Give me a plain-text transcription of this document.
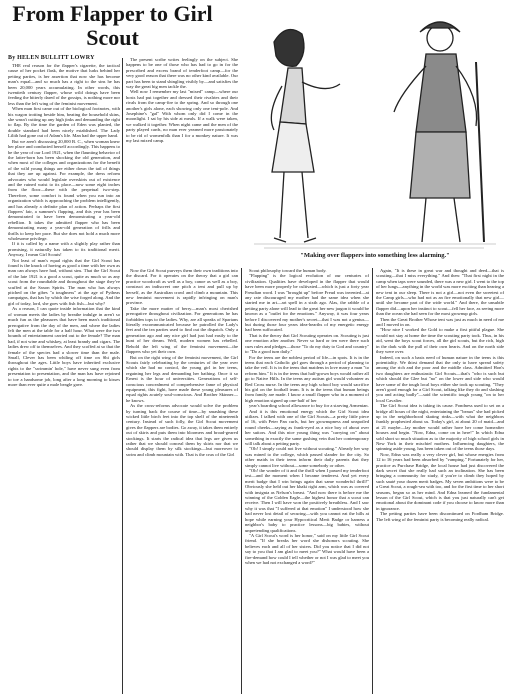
From Flapper to Girl Scout
By HELEN BULLITT LOWRY

THE real reason for the flapper's cigarette, the tactical cause of her pocket flask, the motive that lurks behind her petting parties, is her assertion that now she has become man's equal—and so much has a right to the sins he has been 20,000 years accumulating. In other words, this twentieth century flapper, whose wild doings have been feeding the bitterly dared of the gossips, is nothing more nor less than the left wing of the feminist movement.

When man first came out of the biological footnotes, with his wagon trotting beside him, beating the household skins, she wasn't cutting up any high jinks and demanding the right to flap. By the time the garden of Eden was planted, the double standard had been nicely established. The Lady Lilith had gone out of Adam's life. Man had the upper hand.

But we aren't discussing 20,000 B. C., when woman knew her place and conducted herself accordingly. This happens to be the year of our Lord 1921, when the flaunting behavior of the latter-born has been shocking the old generation, and when most of the colleges and organizations for the benefit of the wild young things are either down the tail of things that they are up against. For example, the dress reform advocates who would legislate overskirts out of existence and the ruined waist to its place—now some eight inches from the floor—these with the perpetual two-step. Therefore, some comfort is found when you run into an organization which is approaching the problem intelligently, and has already a definite plan of action. Perhaps the first flappers' fair, a summer's flapping, and this year has been demonstrated to have been demonstrating a year-old rebellion. It takes the admitted flapper who has been demonstrating many a year-old generation of frills and thrills to keep her pace. But she does not hold a much more wholesome privilege.

If it is called by a name with a slightly play rather than promising, it naturally has taken to its traditional merit. Anyway, I mean Girl Scouts!

Not least of man's equal rights that the Girl Scout has found is the knack of having as good a time with her own as man can always have had, without sins. That the Girl Scout of the late 1921 is a good a scout, quite as much so as any scout from the roundtable and throughout the stage they've scuffed at the Saxon Spirits. The man who has always pitched on the gibes "a toughness" at the age of Pytheas campaigns, that has by which the wise forged along. And the girl of today, lord, she goes with fish fish—but why?

As a reason, I can quote inside information that the kind of woman meets the ladies by breathe indulge in aren't so much fun as the pleasures that have been man's traditional prerogative from the day of the men, and where the ladies felt the men at the table for a half hour. What were the two bounds of entertainment carried out to the female? The man had, if not wine and whiskey, at least brandy and cigars. The ladies drew off to themselves. And they scoffed at so that the female of the species had a slower time than the male. Small, Clever has been whiling off time on Shi girls throughout the ages. Little boys have inherited exclusive rights to the "swimmin' hole," have never sung even from presentation to presentation, and the man has have rejoined to toe a handsome job, long after a long morning to kisses more than ever quite a male beagle gave.

The present scribe writes feelingly on the subject. She happens to be one of those who has had to go in for the prescribed and excess brand of tenderfoot camp—for the very good reason that there was no other kind available. Our part has been to stand shingling visibly by—and satisfies the way the great big men tackle the.

Well now I remember my last "mixed" camp—where our hosts had put together and dressed their rivalries and their rivals from the camp-fire to the spring. And so through one another's girls alone, each showing only one tent-pole. And Josephine's "gal" With whom only did I come in the moonlight. I sat by his side at meals. If a walk were taken, we walked it together. When night came and the men of the party played cards, no man ever yearned more passionately to be rid of womenfolk than I for a monkey nature. It was my last mixed camp.

Now the Girl Scout purveys them their own traditions into the discard. For it operates on the theory that a girl can practice woodcraft as well as a boy, canoe as well as a boy, construct an indiscreet one pitch a tent and pull up by herself, as the Australian crawl and climb a mountain. This new feminist movement is rapidly infringing on man's province.

Take the more matter of berry—man's most cherished prerogative throughout civilization. For generations he has forbidden tops to the ladies. Why, are all speaks of Spartans literally excommunicated because he patrolled the Lady's feet and the tea parties used to find out the dispatch. Only a generation ago and any nice girl had just had easily to the hunt of her dream. Well, modern women has rebelled. Behold the left wing of the feminist movement—the flappers who yet their own.

But on the right wing of the feminist movement, the Girl Scouts fairly celebrating by the centuries of the year over which she had no control, the young girl in her teens, regaining her legs and demanding her bathing. Once it so Ernest is the hour of universities. Generations of self-conscious concealment of comprehensive fame of physical equipment, this fight, have made these young pleasures of equal rights acutely soul-conscious. And Brother Skinner—he knows.

As the cross-reforms advocate would solve the problem by turning back the course of time—by smashing these wicked little birch feet into the top shelf of the nineteenth century. Instead of such folly, the Girl Scout movement gives the flappers are bodies. Go away, it takes them entirely out of skirts and puts them into bloomers and broad-geared stockings. It starts the radical idea that legs are given us rather that we should conceal them by skirts nor that we should display them by silk stockings—but moreover to swim and climb mountain with. That is the crux of the Girl

"Making over flappers into something less alarming."

Scout philosophy toward the human body.

"Flapping" is the logical evolution of our centuries of civilization. Qualities have developed in the flapper that would have been more properly be cultivated—which is just a forty year Freudian word. I was "brought up" before Freud was invented—at any rate discouraged my mother had the same idea when she started me in art—art spell in a sixth ago. Alas, the rabble of a petting party alone will lead to the great her new jargon it would be known as a "outlet for the emotions." Anyway, it was four years before I discovered my mother's secret—that I was not a genius—but during those four years idea-hearths of my energetic energy had been suffocated.

That is the theory that Girl Scouting operates on. Scouting is just one emotion after another. Never so hard or ten were there such cues rules and pledges—those "To do my duty to God and country" to "Do a good turn daily."

For the teens are the noblest period of life—in spots. It is in the teens that each Catholic girl goes through a period of planning to take the veil. It is in the teens that maidens in love marry a man "to reform him." It is in the teens that half-grown boys would rather all go to Native Hills. In the teens any autism girl would volunteer as Red Cross nurse. In the teens any high school boy would sacrifice his girl on the football team. It is in the teens that human beings from family are made. I know a small flapper who in a moment of high emotion signed up one-half of her

year's boarding school allowance to buy for a starving Armenian.

And it is this emotional energy which the Girl Scout idea utilizes. I talked with one of the Girl Scouts—a pretty little piece of 16, with Peter Pan curls, but her grownupness and unspoiled round cheeks—saying as frank-eyed as a nice boy of about over her suitors. And this nice young thing was "carrying on" about something in exactly the same gushing vein that her contemporary will talk about a petting party.

"Oh! I simply could not live without scouting." Already her way was mined to the college, which passed slander for the city. So other maids in their teens inform their daily parents that they simply cannot live without—some somebody or other.

"Oh! the wonder of it and the thrill when I passed my tenderfoot test—and the moment when I became tenderest. And yet every merit badge that I win brings again that same wonderful thrill!" Obviously she held out her khaki right arm, which was as covered with insignia as Nelson's breast. "And now there is before me the winning of the Golden Eagle—the highest honor that a scout can receive. Then I will have won the positively breathless. And I saw why it was that "I suffered at that emotion" I understood how she had never lost detail of securing—with you cannot eat the hills at hope while earning your Hypocritical Merit Badge or harness a neighbor's baby to practice lessons—big babies, without unpretending qualifications.

"A Girl Scout's word is her honor," said on my little Girl Scout friend. "If she breaks her word she dishonors scouting. She believes each and all of her sisters. Did you notice that I did not say to you that I am glad to meet you?" What would have been a fire-demand how could I tell whether or not I was glad to meet you when we had not exchanged a word?"

Again, "It is these in great war and thought and deed—that is scouting—that I miss everything." And then: "That first night in the camp when taps were sounded, there was a new girl. I went to the top of her lungs—anything in the world was more exciting than hearing a new tent in our sleep. There is not a girl—not even the sweetest of the Camp girls—who had not as an fire emotionally that new girl—until she became part of the wide world." And there, the unsubtle flapper did—upon her instinct to scout—fell her face, as seeing more than the ocean she had seen for the most grownup girls.

Then the Great Brother Whose tent was just as much in need of me and I moved in on.

"How nice I worked the Gold to make a first pitiful plague. She would not stay at home the time the scouting party took. Thus, in his aid, went the boys scout forces, all the girl scouts, but the rich, high in the dark with the pull of their own hearts. And on the north side they were over.

Indeed, on such a basis need of human nature in the teens is this potentiality. We thirst demand that the only to have spread safety among the rich and the poor and the middle class. Admitted Hon's two daughters are enthusiastic Girl Scouts—that's "who is such but which should the Glee but "no" on the lower and side who would have some of the tough local boys either she took up scouting. "They aren't good enough for a Girl Scout, talking like they do and slashing you and acting badly"—said the scientific tough young "on to her local Cavalier.

The Girl Scout idea is taking its cause. Fondness used to set on a bridge all hours of the night, entertaining the "beaux" she had picked up in the neighborhood skating rinks—with what the neighbors frankly prophesied about us. Today's girl, at about 20 of maid—and at 21 maybe—lay mother would rather have her come homeafter houses and begin. "Now, Edna, come on in here!" In which Edna sold short so much situation as to the majority of high school girls in New York in their mischief mothers. Influencing daughters, the spinning aside young, has been taken out of the teens those days.

Now, Edna was really a very clever girl, but whose energies from 12 to 16 years had been absorbed by "vamping." Fortunately for her, practice as Purchase Bridge, the local house had just discovered the dark secret that she really had such an inclination. She has been bringing a community for study, if you're to climb they hoped by such sauté your dozen merit badges. My seven ambitions were to be a Great Scout, a rough-sea with too, and for the first time to her short seasons, began so as her mind. And Edna learned the fundamental lesson of the Girl Scout, which is that you just naturally can't get emotional about the dominant code if you choose to know more than in ignorance.

The petting parties have been discontinued on Fordham Bridge. The left wing of the feminist party is becoming really radical.
